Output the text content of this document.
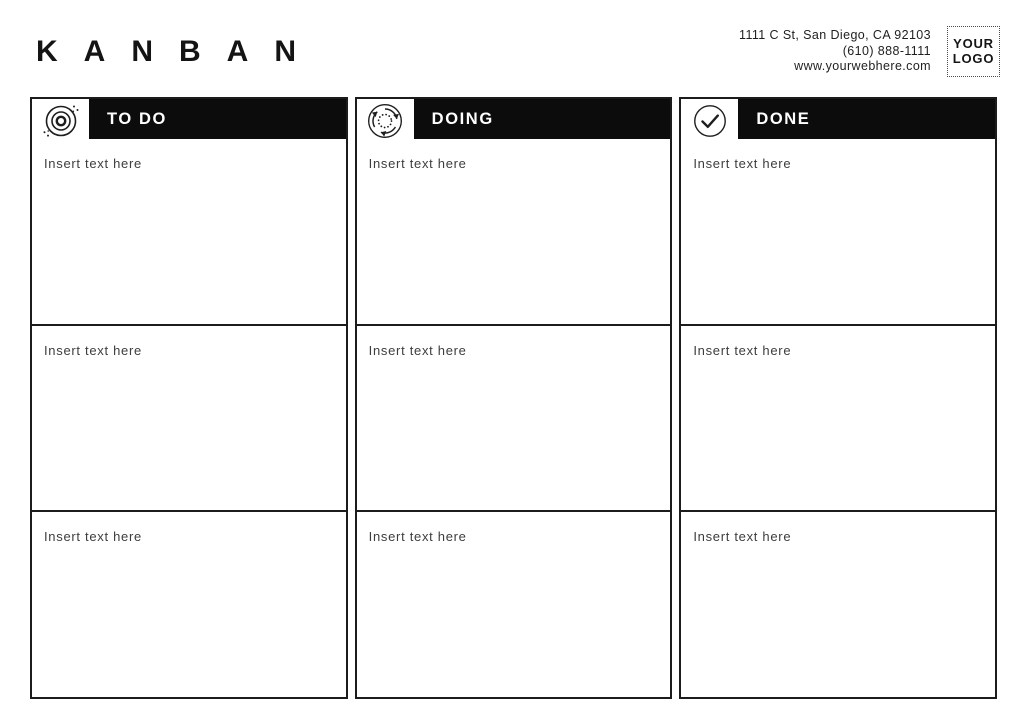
KANBAN	1111 C St, San Diego, CA 92103
(610) 888-1111
www.yourwebhere.com
YOUR
LOGO
TO DO
Insert text here
Insert text here
Insert text here
DOING
Insert text here
Insert text here
Insert text here
DONE
Insert text here
Insert text here
Insert text here
